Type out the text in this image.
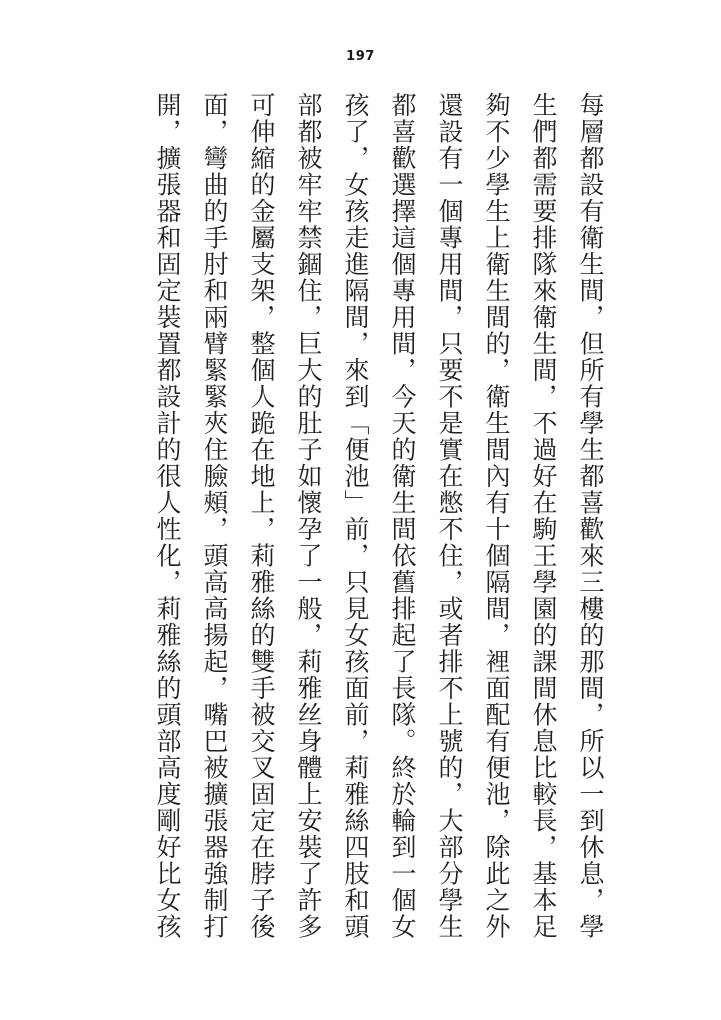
197
每層都設有衛生間，但所有學生都喜歡來三樓的那間，所以一到休息，學
生們都需要排隊來衛生間，不過好在駒王學園的課間休息比較長，基本足
夠不少學生上衛生間的，衛生間內有十個隔間，裡面配有便池，除此之外
還設有一個專用間，只要不是實在憋不住，或者排不上號的，大部分學生
都喜歡選擇這個專用間，今天的衛生間依舊排起了長隊。終於輪到一個女
孩了，女孩走進隔間，來到「便池」前，只見女孩面前，莉雅絲四肢和頭
部都被牢牢禁錮住，巨大的肚子如懷孕了一般，莉雅丝身體上安裝了許多
可伸縮的金屬支架，整個人跪在地上，莉雅絲的雙手被交叉固定在脖子後
面，彎曲的手肘和兩臂緊緊夾住臉頰，頭高高揚起，嘴巴被擴張器強制打
開，擴張器和固定裝置都設計的很人性化，莉雅絲的頭部高度剛好比女孩
